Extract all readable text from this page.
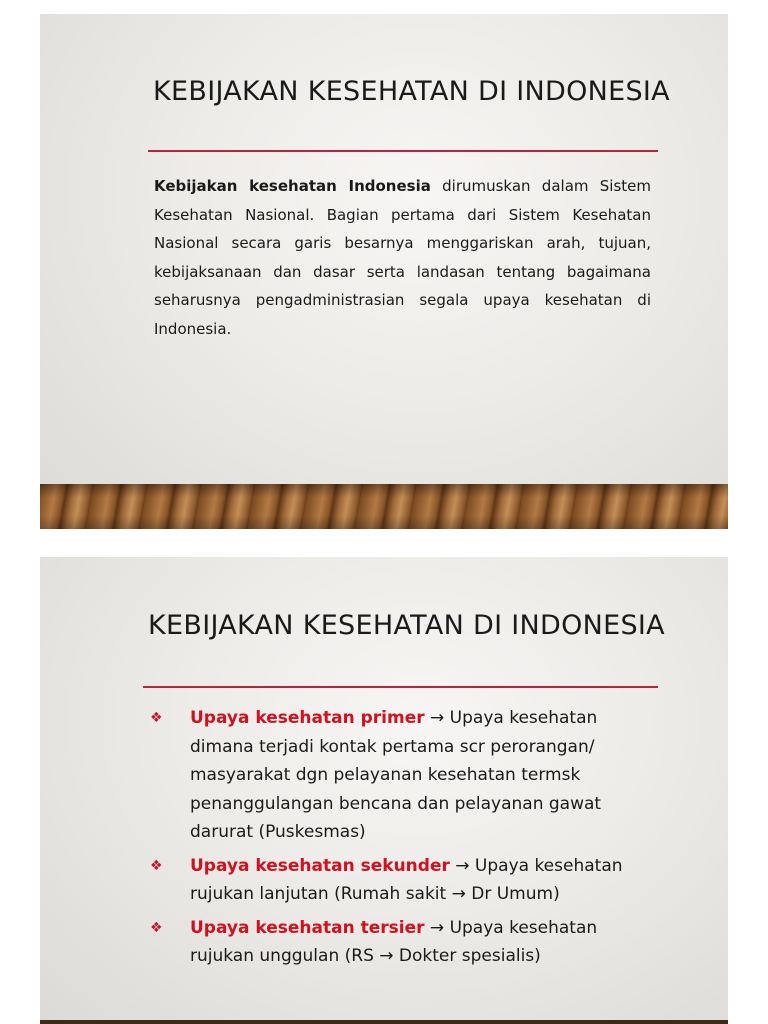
KEBIJAKAN KESEHATAN DI INDONESIA

Kebijakan kesehatan Indonesia dirumuskan dalam Sistem Kesehatan Nasional. Bagian pertama dari Sistem Kesehatan Nasional secara garis besarnya menggariskan arah, tujuan, kebijaksanaan dan dasar serta landasan tentang bagaimana seharusnya pengadministrasian segala upaya kesehatan di Indonesia.

KEBIJAKAN KESEHATAN DI INDONESIA
❖ Upaya kesehatan primer → Upaya kesehatan dimana terjadi kontak pertama scr perorangan/ masyarakat dgn pelayanan kesehatan termsk penanggulangan bencana dan pelayanan gawat darurat (Puskesmas)
❖ Upaya kesehatan sekunder → Upaya kesehatan rujukan lanjutan (Rumah sakit → Dr Umum)
❖ Upaya kesehatan tersier → Upaya kesehatan rujukan unggulan (RS → Dokter spesialis)
